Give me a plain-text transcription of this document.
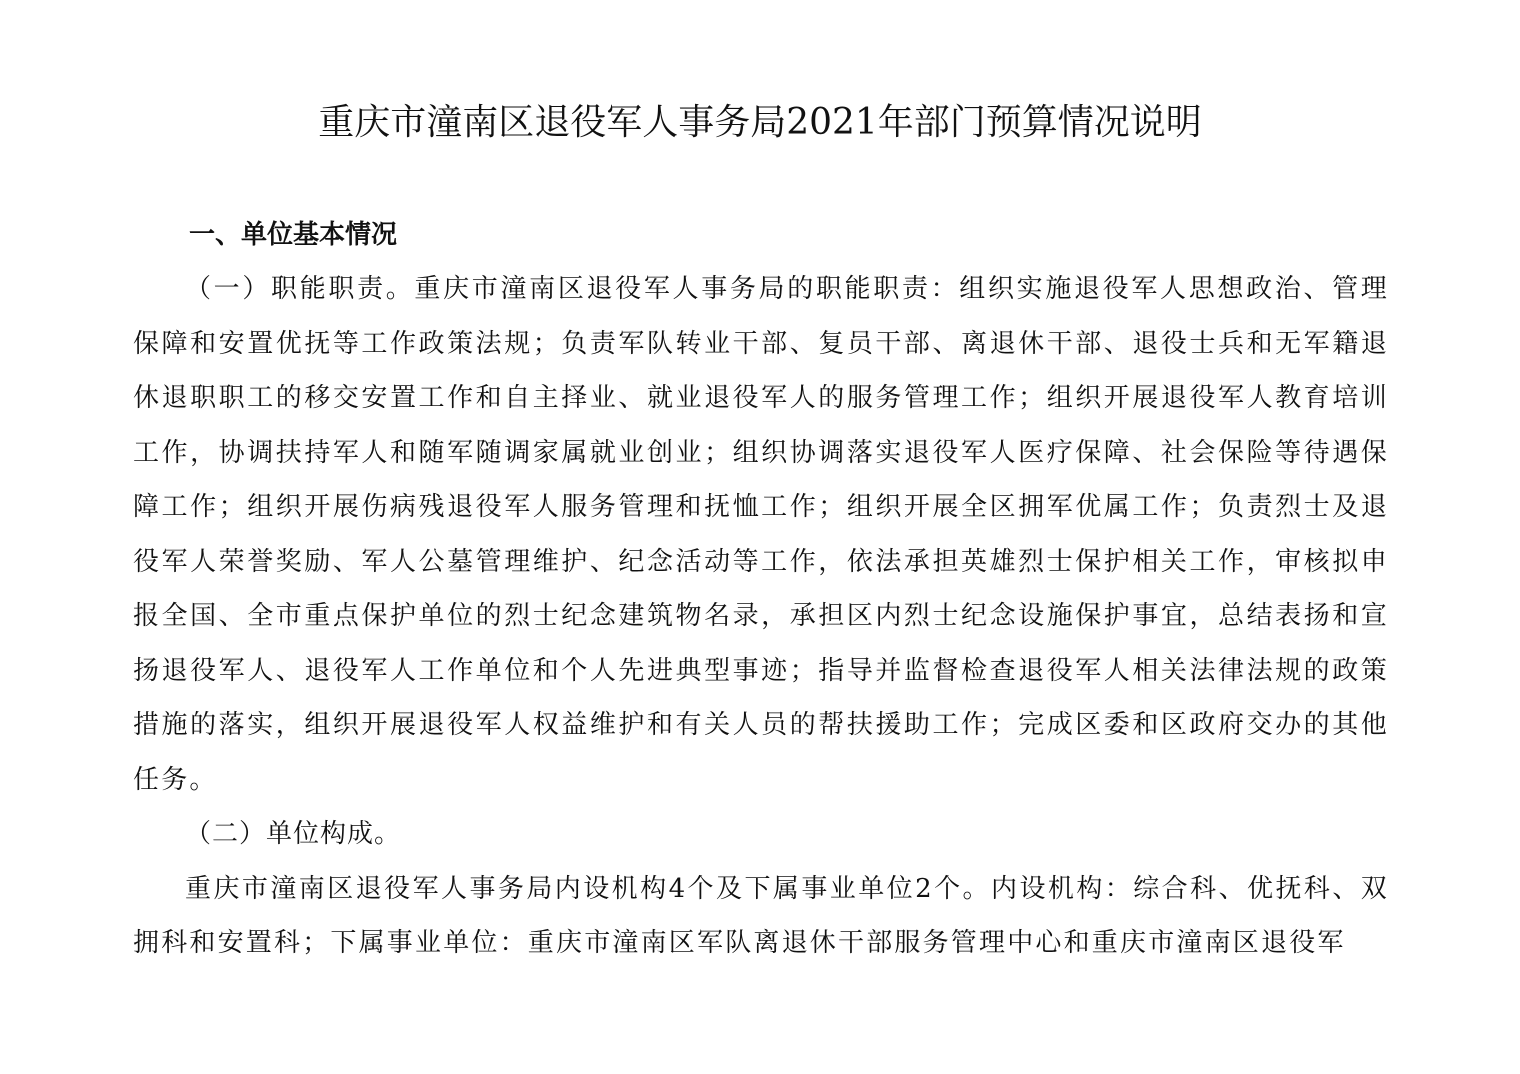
重庆市潼南区退役军人事务局2021年部门预算情况说明
一、单位基本情况

（一）职能职责。重庆市潼南区退役军人事务局的职能职责：组织实施退役军人思想政治、管理保障和安置优抚等工作政策法规；负责军队转业干部、复员干部、离退休干部、退役士兵和无军籍退休退职职工的移交安置工作和自主择业、就业退役军人的服务管理工作；组织开展退役军人教育培训工作，协调扶持军人和随军随调家属就业创业；组织协调落实退役军人医疗保障、社会保险等待遇保障工作；组织开展伤病残退役军人服务管理和抚恤工作；组织开展全区拥军优属工作；负责烈士及退役军人荣誉奖励、军人公墓管理维护、纪念活动等工作，依法承担英雄烈士保护相关工作，审核拟申报全国、全市重点保护单位的烈士纪念建筑物名录，承担区内烈士纪念设施保护事宜，总结表扬和宣扬退役军人、退役军人工作单位和个人先进典型事迹；指导并监督检查退役军人相关法律法规的政策措施的落实，组织开展退役军人权益维护和有关人员的帮扶援助工作；完成区委和区政府交办的其他任务。

（二）单位构成。

重庆市潼南区退役军人事务局内设机构4个及下属事业单位2个。内设机构：综合科、优抚科、双拥科和安置科；下属事业单位：重庆市潼南区军队离退休干部服务管理中心和重庆市潼南区退役军
